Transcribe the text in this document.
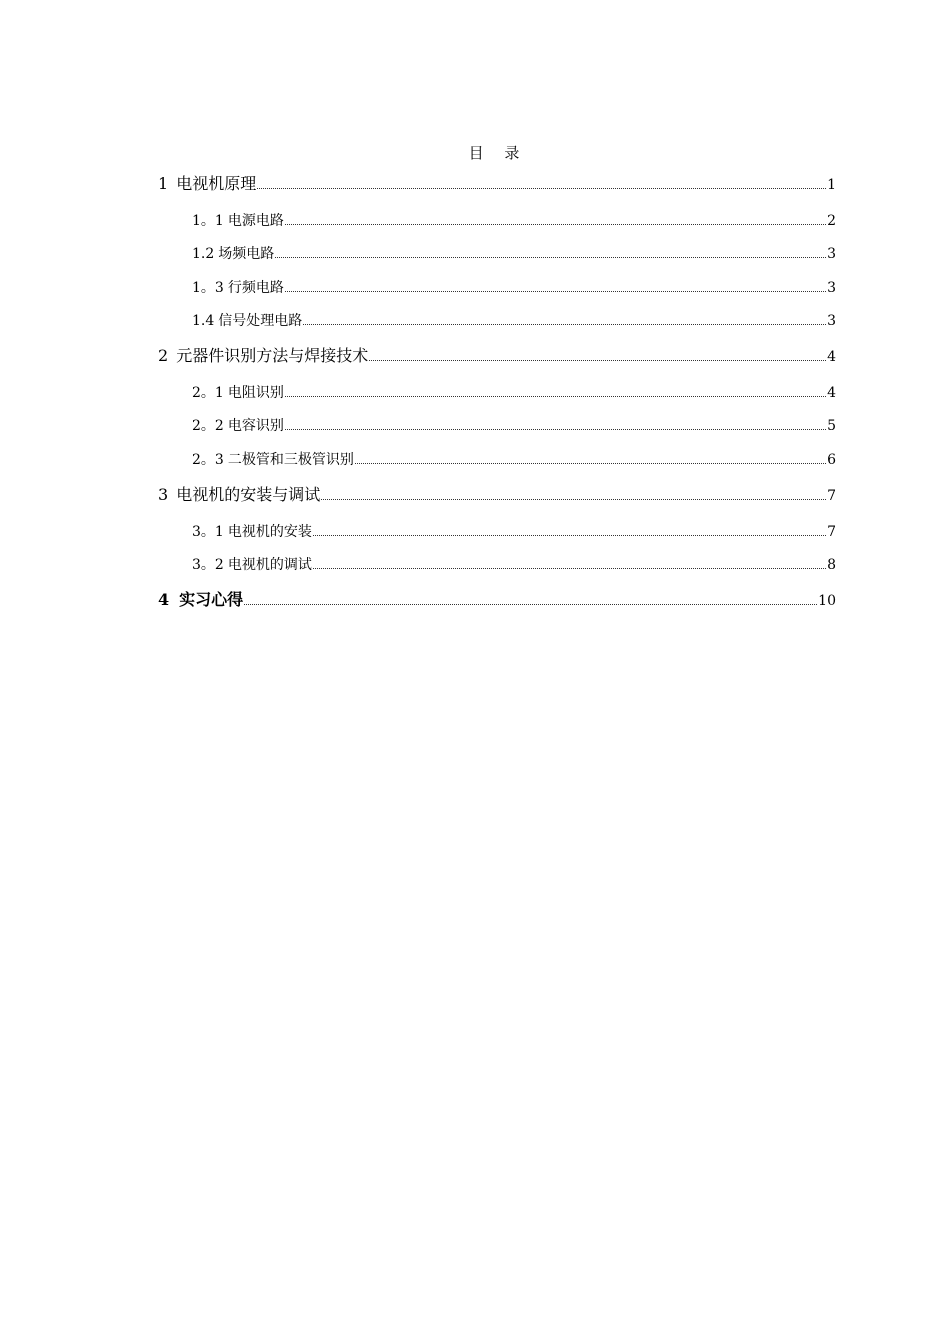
目 录
1 电视机原理	1
1。1 电源电路	2
1.2 场频电路	3
1。3 行频电路	3
1.4 信号处理电路	3
2 元器件识别方法与焊接技术	4
2。1 电阻识别	4
2。2 电容识别	5
2。3 二极管和三极管识别	6
3 电视机的安装与调试	7
3。1 电视机的安装	7
3。2 电视机的调试	8
4 实习心得	10
